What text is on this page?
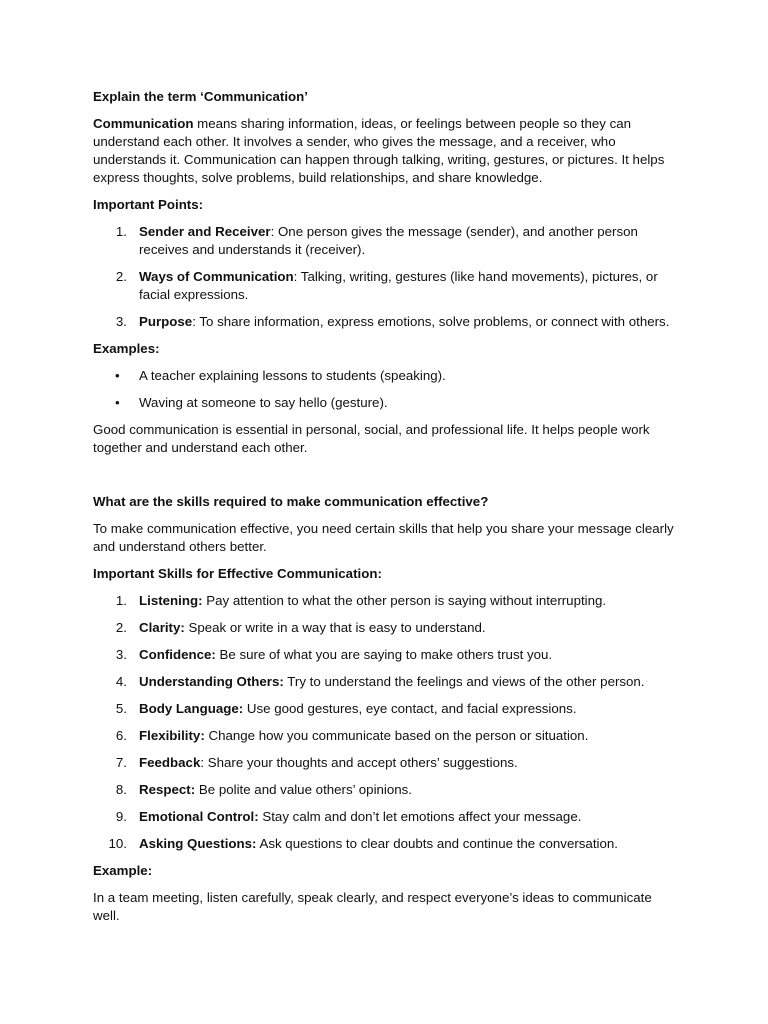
Explain the term ‘Communication’

Communication means sharing information, ideas, or feelings between people so they can understand each other. It involves a sender, who gives the message, and a receiver, who understands it. Communication can happen through talking, writing, gestures, or pictures. It helps express thoughts, solve problems, build relationships, and share knowledge.

Important Points:

1. Sender and Receiver: One person gives the message (sender), and another person receives and understands it (receiver).
2. Ways of Communication: Talking, writing, gestures (like hand movements), pictures, or facial expressions.
3. Purpose: To share information, express emotions, solve problems, or connect with others.

Examples:

•	A teacher explaining lessons to students (speaking).
•	Waving at someone to say hello (gesture).

Good communication is essential in personal, social, and professional life. It helps people work together and understand each other.

What are the skills required to make communication effective?

To make communication effective, you need certain skills that help you share your message clearly and understand others better.

Important Skills for Effective Communication:

1. Listening: Pay attention to what the other person is saying without interrupting.
2. Clarity: Speak or write in a way that is easy to understand.
3. Confidence: Be sure of what you are saying to make others trust you.
4. Understanding Others: Try to understand the feelings and views of the other person.
5. Body Language: Use good gestures, eye contact, and facial expressions.
6. Flexibility: Change how you communicate based on the person or situation.
7. Feedback: Share your thoughts and accept others’ suggestions.
8. Respect: Be polite and value others’ opinions.
9. Emotional Control: Stay calm and don’t let emotions affect your message.
10. Asking Questions: Ask questions to clear doubts and continue the conversation.

Example:

In a team meeting, listen carefully, speak clearly, and respect everyone’s ideas to communicate well.
